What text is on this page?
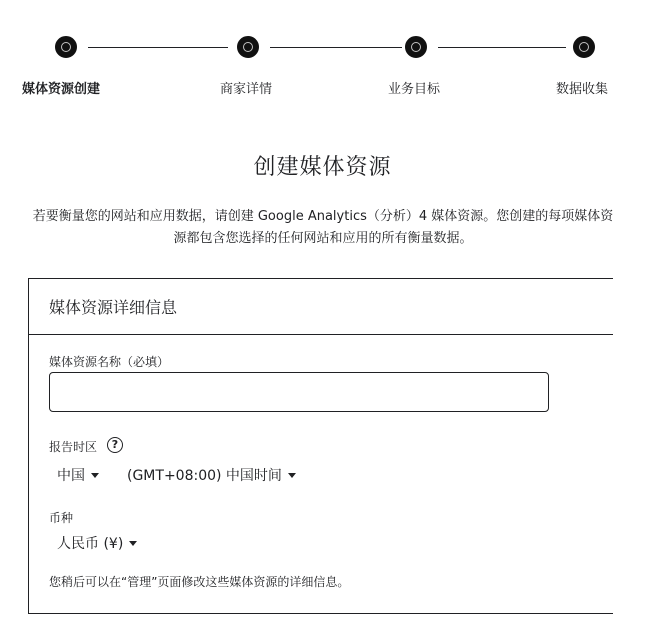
媒体资源创建	商家详情	业务目标	数据收集
创建媒体资源
若要衡量您的网站和应用数据，请创建 Google Analytics（分析）4 媒体资源。您创建的每项媒体资源都包含您选择的任何网站和应用的所有衡量数据。
媒体资源详细信息
媒体资源名称（必填）
报告时区	?
中国	(GMT+08:00) 中国时间
币种
人民币 (¥)
您稍后可以在“管理”页面修改这些媒体资源的详细信息。
